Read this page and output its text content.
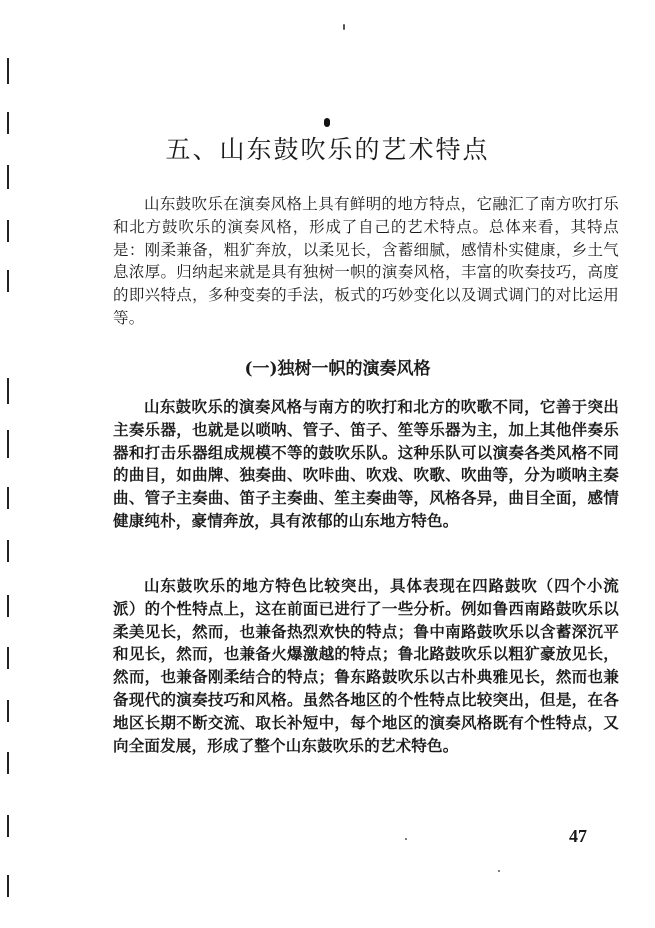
五、山东鼓吹乐的艺术特点

山东鼓吹乐在演奏风格上具有鲜明的地方特点，它融汇了南方吹打乐和北方鼓吹乐的演奏风格，形成了自己的艺术特点。总体来看，其特点是：刚柔兼备，粗犷奔放，以柔见长，含蓄细腻，感情朴实健康，乡土气息浓厚。归纳起来就是具有独树一帜的演奏风格，丰富的吹奏技巧，高度的即兴特点，多种变奏的手法，板式的巧妙变化以及调式调门的对比运用等。

(一)独树一帜的演奏风格

山东鼓吹乐的演奏风格与南方的吹打和北方的吹歌不同，它善于突出主奏乐器，也就是以唢呐、管子、笛子、笙等乐器为主，加上其他伴奏乐器和打击乐器组成规模不等的鼓吹乐队。这种乐队可以演奏各类风格不同的曲目，如曲牌、独奏曲、吹咔曲、吹戏、吹歌、吹曲等，分为唢呐主奏曲、管子主奏曲、笛子主奏曲、笙主奏曲等，风格各异，曲目全面，感情健康纯朴，豪情奔放，具有浓郁的山东地方特色。

山东鼓吹乐的地方特色比较突出，具体表现在四路鼓吹（四个小流派）的个性特点上，这在前面已进行了一些分析。例如鲁西南路鼓吹乐以柔美见长，然而，也兼备热烈欢快的特点；鲁中南路鼓吹乐以含蓄深沉平和见长，然而，也兼备火爆激越的特点；鲁北路鼓吹乐以粗犷豪放见长，然而，也兼备刚柔结合的特点；鲁东路鼓吹乐以古朴典雅见长，然而也兼备现代的演奏技巧和风格。虽然各地区的个性特点比较突出，但是，在各地区长期不断交流、取长补短中，每个地区的演奏风格既有个性特点，又向全面发展，形成了整个山东鼓吹乐的艺术特色。

47
